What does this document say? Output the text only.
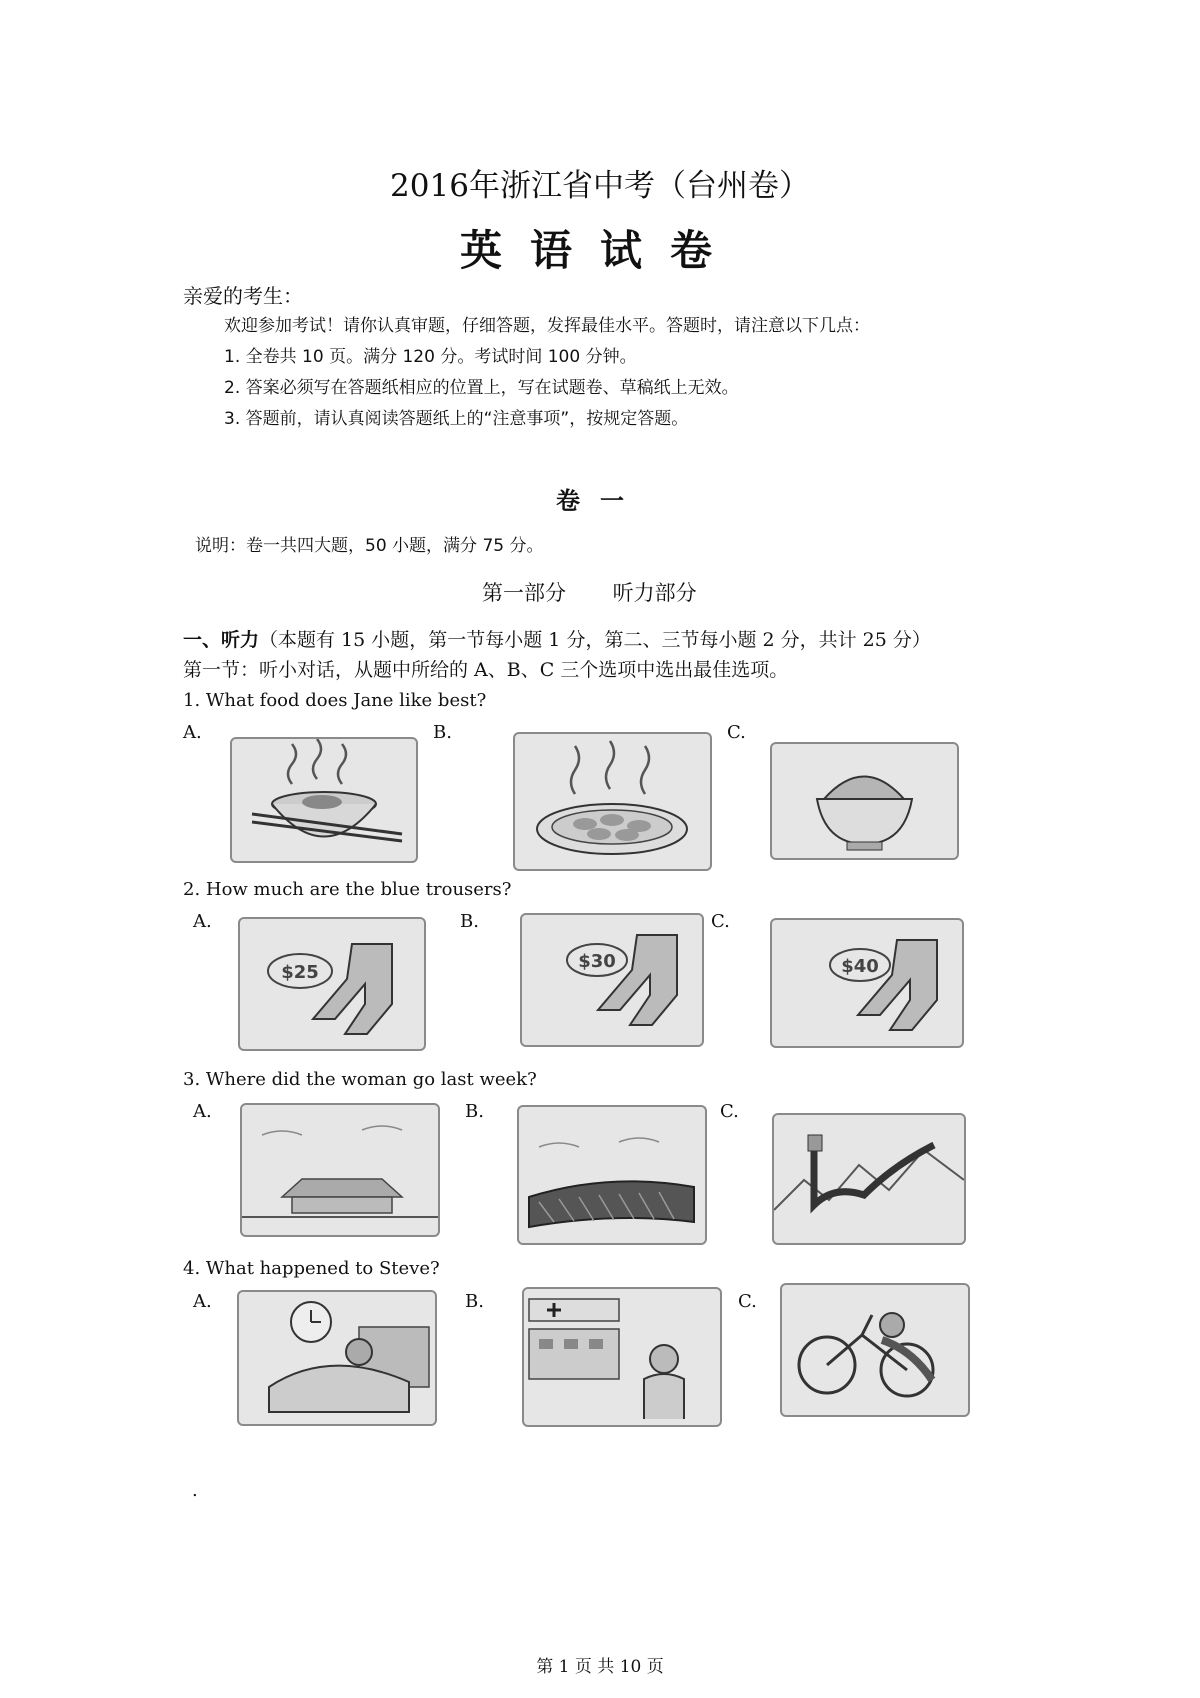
2016年浙江省中考（台州卷）
英语试卷
亲爱的考生：
欢迎参加考试！请你认真审题，仔细答题，发挥最佳水平。答题时，请注意以下几点：
1. 全卷共 10 页。满分 120 分。考试时间 100 分钟。
2. 答案必须写在答题纸相应的位置上，写在试题卷、草稿纸上无效。
3. 答题前，请认真阅读答题纸上的“注意事项”，按规定答题。
卷一
说明：卷一共四大题，50 小题，满分 75 分。
第一部分 听力部分
一、听力（本题有 15 小题，第一节每小题 1 分，第二、三节每小题 2 分，共计 25 分）
第一节：听小对话，从题中所给的 A、B、C 三个选项中选出最佳选项。
1. What food does Jane like best?
A.	B.	C.
2. How much are the blue trousers?
A.	B.	C.
$25
$30	$40
3. Where did the woman go last week?
A.	B.	C.
4. What happened to Steve?
A.	B.	C.
.
第 1 页 共 10 页
